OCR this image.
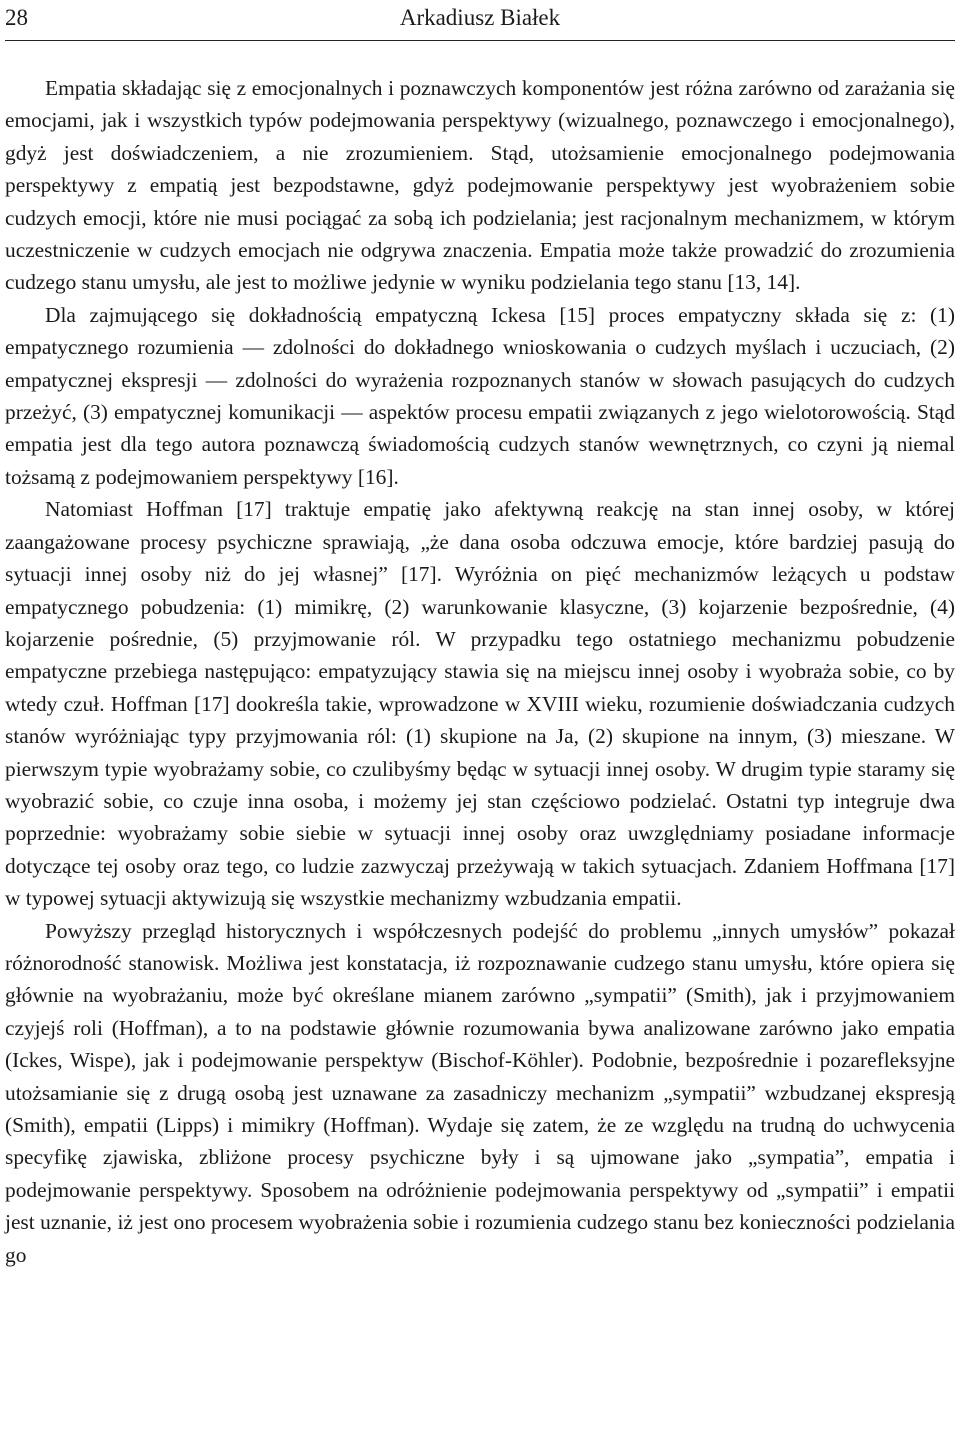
28	Arkadiusz Białek

Empatia składając się z emocjonalnych i poznawczych komponentów jest różna zarówno od zarażania się emocjami, jak i wszystkich typów podejmowania perspektywy (wizualnego, poznawczego i emocjonalnego), gdyż jest doświadczeniem, a nie zrozumieniem. Stąd, utożsamienie emocjonalnego podejmowania perspektywy z empatią jest bezpodstawne, gdyż podejmowanie perspektywy jest wyobrażeniem sobie cudzych emocji, które nie musi pociągać za sobą ich podzielania; jest racjonalnym mechanizmem, w którym uczestniczenie w cudzych emocjach nie odgrywa znaczenia. Empatia może także prowadzić do zrozumienia cudzego stanu umysłu, ale jest to możliwe jedynie w wyniku podzielania tego stanu [13, 14].

Dla zajmującego się dokładnością empatyczną Ickesa [15] proces empatyczny składa się z: (1) empatycznego rozumienia — zdolności do dokładnego wnioskowania o cudzych myślach i uczuciach, (2) empatycznej ekspresji — zdolności do wyrażenia rozpoznanych stanów w słowach pasujących do cudzych przeżyć, (3) empatycznej komunikacji — aspektów procesu empatii związanych z jego wielotorowością. Stąd empatia jest dla tego autora poznawczą świadomością cudzych stanów wewnętrznych, co czyni ją niemal tożsamą z podejmowaniem perspektywy [16].

Natomiast Hoffman [17] traktuje empatię jako afektywną reakcję na stan innej osoby, w której zaangażowane procesy psychiczne sprawiają, „że dana osoba odczuwa emocje, które bardziej pasują do sytuacji innej osoby niż do jej własnej” [17]. Wyróżnia on pięć mechanizmów leżących u podstaw empatycznego pobudzenia: (1) mimikrę, (2) warunkowanie klasyczne, (3) kojarzenie bezpośrednie, (4) kojarzenie pośrednie, (5) przyjmowanie ról. W przypadku tego ostatniego mechanizmu pobudzenie empatyczne przebiega następująco: empatyzujący stawia się na miejscu innej osoby i wyobraża sobie, co by wtedy czuł. Hoffman [17] dookreśla takie, wprowadzone w XVIII wieku, rozumienie doświadczania cudzych stanów wyróżniając typy przyjmowania ról: (1) skupione na Ja, (2) skupione na innym, (3) mieszane. W pierwszym typie wyobrażamy sobie, co czulibyśmy będąc w sytuacji innej osoby. W drugim typie staramy się wyobrazić sobie, co czuje inna osoba, i możemy jej stan częściowo podzielać. Ostatni typ integruje dwa poprzednie: wyobrażamy sobie siebie w sytuacji innej osoby oraz uwzględniamy posiadane informacje dotyczące tej osoby oraz tego, co ludzie zazwyczaj przeżywają w takich sytuacjach. Zdaniem Hoffmana [17] w typowej sytuacji aktywizują się wszystkie mechanizmy wzbudzania empatii.

Powyższy przegląd historycznych i współczesnych podejść do problemu „innych umysłów” pokazał różnorodność stanowisk. Możliwa jest konstatacja, iż rozpoznawanie cudzego stanu umysłu, które opiera się głównie na wyobrażaniu, może być określane mianem zarówno „sympatii” (Smith), jak i przyjmowaniem czyjejś roli (Hoffman), a to na podstawie głównie rozumowania bywa analizowane zarówno jako empatia (Ickes, Wispe), jak i podejmowanie perspektyw (Bischof-Köhler). Podobnie, bezpośrednie i pozarefleksyjne utożsamianie się z drugą osobą jest uznawane za zasadniczy mechanizm „sympatii” wzbudzanej ekspresją (Smith), empatii (Lipps) i mimikry (Hoffman). Wydaje się zatem, że ze względu na trudną do uchwycenia specyfikę zjawiska, zbliżone procesy psychiczne były i są ujmowane jako „sympatia”, empatia i podejmowanie perspektywy. Sposobem na odróżnienie podejmowania perspektywy od „sympatii” i empatii jest uznanie, iż jest ono procesem wyobrażenia sobie i rozumienia cudzego stanu bez konieczności podzielania go
